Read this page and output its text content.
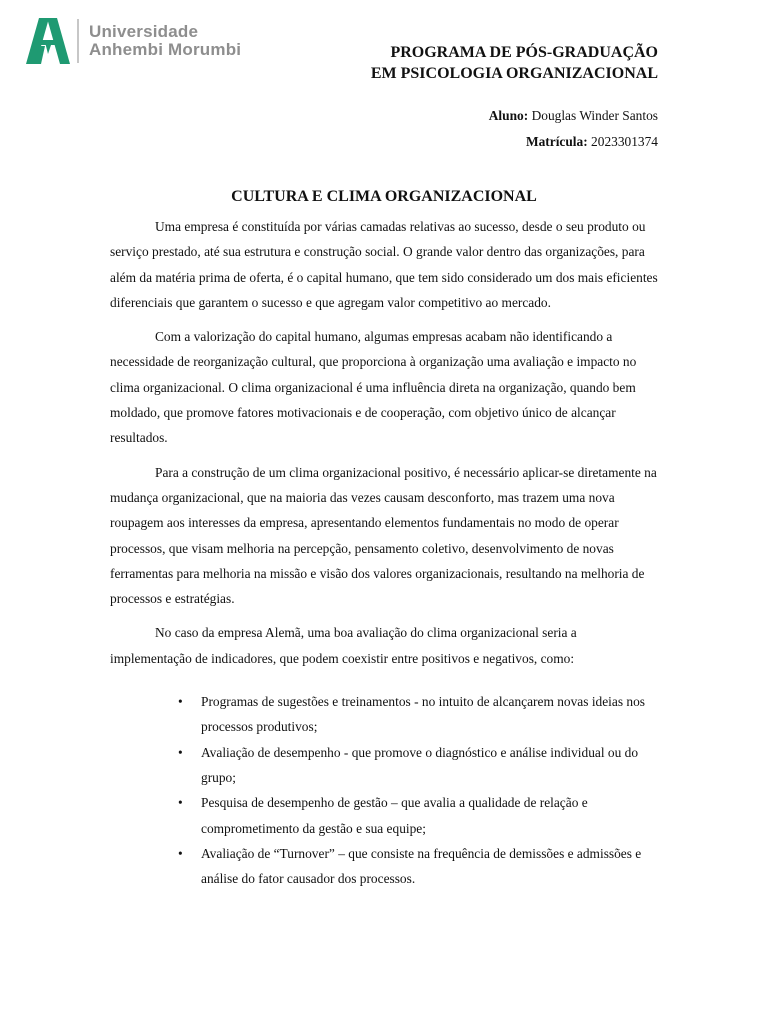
Universidade
Anhembi Morumbi	PROGRAMA DE PÓS-GRADUAÇÃO
EM PSICOLOGIA ORGANIZACIONAL
Aluno: Douglas Winder Santos
Matrícula: 2023301374
CULTURA E CLIMA ORGANIZACIONAL

Uma empresa é constituída por várias camadas relativas ao sucesso, desde o seu produto ou serviço prestado, até sua estrutura e construção social. O grande valor dentro das organizações, para além da matéria prima de oferta, é o capital humano, que tem sido considerado um dos mais eficientes diferenciais que garantem o sucesso e que agregam valor competitivo ao mercado.

Com a valorização do capital humano, algumas empresas acabam não identificando a necessidade de reorganização cultural, que proporciona à organização uma avaliação e impacto no clima organizacional. O clima organizacional é uma influência direta na organização, quando bem moldado, que promove fatores motivacionais e de cooperação, com objetivo único de alcançar resultados.

Para a construção de um clima organizacional positivo, é necessário aplicar-se diretamente na mudança organizacional, que na maioria das vezes causam desconforto, mas trazem uma nova roupagem aos interesses da empresa, apresentando elementos fundamentais no modo de operar processos, que visam melhoria na percepção, pensamento coletivo, desenvolvimento de novas ferramentas para melhoria na missão e visão dos valores organizacionais, resultando na melhoria de processos e estratégias.

No caso da empresa Alemã, uma boa avaliação do clima organizacional seria a implementação de indicadores, que podem coexistir entre positivos e negativos, como:

• Programas de sugestões e treinamentos - no intuito de alcançarem novas ideias nos processos produtivos;
• Avaliação de desempenho - que promove o diagnóstico e análise individual ou do grupo;
• Pesquisa de desempenho de gestão – que avalia a qualidade de relação e comprometimento da gestão e sua equipe;
• Avaliação de “Turnover” – que consiste na frequência de demissões e admissões e análise do fator causador dos processos.
